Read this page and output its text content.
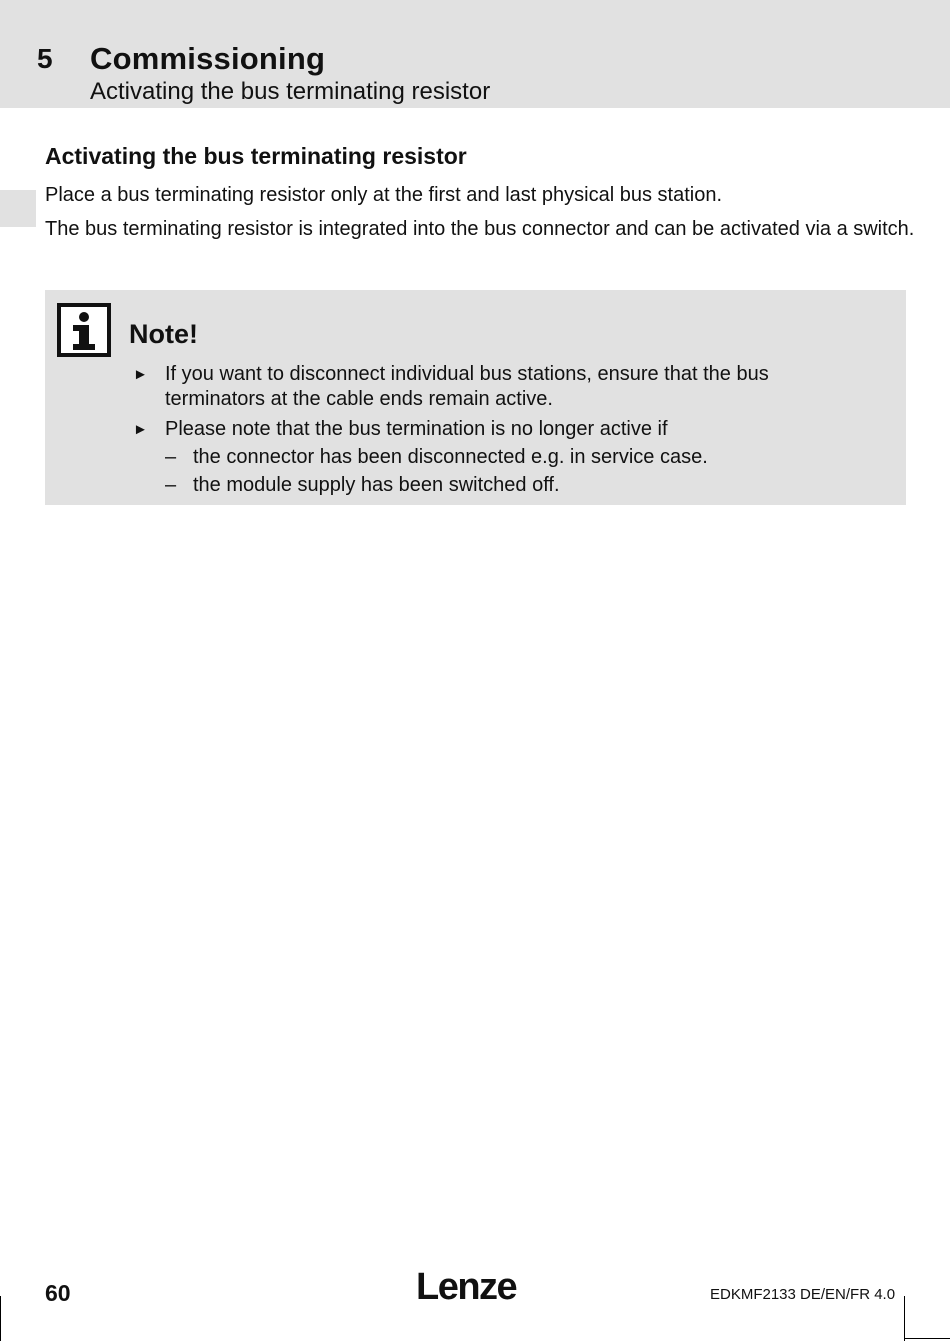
5 Commissioning
Activating the bus terminating resistor
Activating the bus terminating resistor
Place a bus terminating resistor only at the first and last physical bus station.
The bus terminating resistor is integrated into the bus connector and can be activated via a switch.
Note!
► If you want to disconnect individual bus stations, ensure that the bus
terminators at the cable ends remain active.
► Please note that the bus termination is no longer active if
– the connector has been disconnected e.g. in service case.
– the module supply has been switched off.
60	Lenze	EDKMF2133 DE/EN/FR 4.0
